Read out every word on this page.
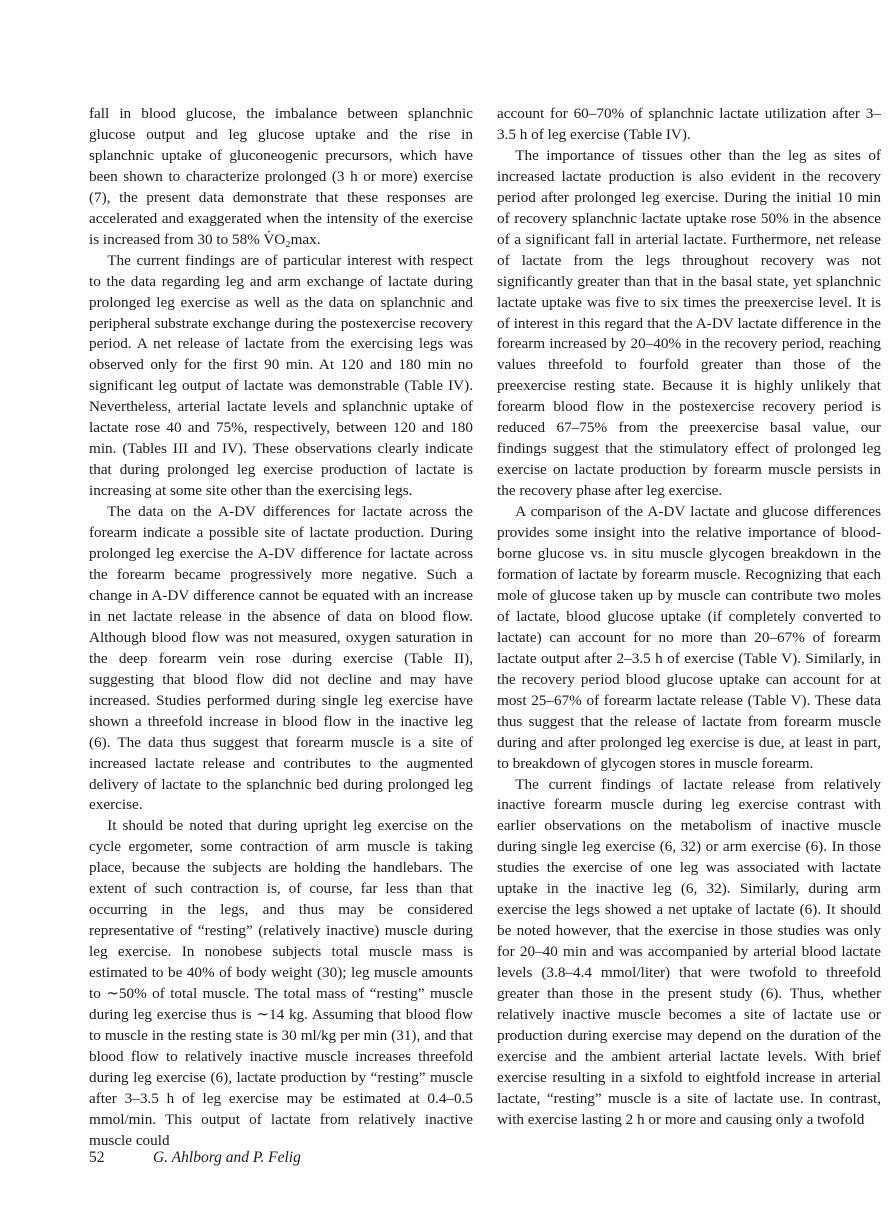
fall in blood glucose, the imbalance between splanchnic glucose output and leg glucose uptake and the rise in splanchnic uptake of gluconeogenic precursors, which have been shown to characterize prolonged (3 h or more) exercise (7), the present data demonstrate that these responses are accelerated and exaggerated when the intensity of the exercise is increased from 30 to 58% V̇O₂max.

The current findings are of particular interest with respect to the data regarding leg and arm exchange of lactate during prolonged leg exercise as well as the data on splanchnic and peripheral substrate exchange during the postexercise recovery period. A net release of lactate from the exercising legs was observed only for the first 90 min. At 120 and 180 min no significant leg output of lactate was demonstrable (Table IV). Nevertheless, arterial lactate levels and splanchnic uptake of lactate rose 40 and 75%, respectively, between 120 and 180 min. (Tables III and IV). These observations clearly indicate that during prolonged leg exercise production of lactate is increasing at some site other than the exercising legs.

The data on the A-DV differences for lactate across the forearm indicate a possible site of lactate production. During prolonged leg exercise the A-DV difference for lactate across the forearm became progressively more negative. Such a change in A-DV difference cannot be equated with an increase in net lactate release in the absence of data on blood flow. Although blood flow was not measured, oxygen saturation in the deep forearm vein rose during exercise (Table II), suggesting that blood flow did not decline and may have increased. Studies performed during single leg exercise have shown a threefold increase in blood flow in the inactive leg (6). The data thus suggest that forearm muscle is a site of increased lactate release and contributes to the augmented delivery of lactate to the splanchnic bed during prolonged leg exercise.

It should be noted that during upright leg exercise on the cycle ergometer, some contraction of arm muscle is taking place, because the subjects are holding the handlebars. The extent of such contraction is, of course, far less than that occurring in the legs, and thus may be considered representative of “resting” (relatively inactive) muscle during leg exercise. In nonobese subjects total muscle mass is estimated to be 40% of body weight (30); leg muscle amounts to ∼50% of total muscle. The total mass of “resting” muscle during leg exercise thus is ∼14 kg. Assuming that blood flow to muscle in the resting state is 30 ml/kg per min (31), and that blood flow to relatively inactive muscle increases threefold during leg exercise (6), lactate production by “resting” muscle after 3–3.5 h of leg exercise may be estimated at 0.4–0.5 mmol/min. This output of lactate from relatively inactive muscle could

account for 60–70% of splanchnic lactate utilization after 3–3.5 h of leg exercise (Table IV).

The importance of tissues other than the leg as sites of increased lactate production is also evident in the recovery period after prolonged leg exercise. During the initial 10 min of recovery splanchnic lactate uptake rose 50% in the absence of a significant fall in arterial lactate. Furthermore, net release of lactate from the legs throughout recovery was not significantly greater than that in the basal state, yet splanchnic lactate uptake was five to six times the preexercise level. It is of interest in this regard that the A-DV lactate difference in the forearm increased by 20–40% in the recovery period, reaching values threefold to fourfold greater than those of the preexercise resting state. Because it is highly unlikely that forearm blood flow in the postexercise recovery period is reduced 67–75% from the preexercise basal value, our findings suggest that the stimulatory effect of prolonged leg exercise on lactate production by forearm muscle persists in the recovery phase after leg exercise.

A comparison of the A-DV lactate and glucose differences provides some insight into the relative importance of blood-borne glucose vs. in situ muscle glycogen breakdown in the formation of lactate by forearm muscle. Recognizing that each mole of glucose taken up by muscle can contribute two moles of lactate, blood glucose uptake (if completely converted to lactate) can account for no more than 20–67% of forearm lactate output after 2–3.5 h of exercise (Table V). Similarly, in the recovery period blood glucose uptake can account for at most 25–67% of forearm lactate release (Table V). These data thus suggest that the release of lactate from forearm muscle during and after prolonged leg exercise is due, at least in part, to breakdown of glycogen stores in muscle forearm.

The current findings of lactate release from relatively inactive forearm muscle during leg exercise contrast with earlier observations on the metabolism of inactive muscle during single leg exercise (6, 32) or arm exercise (6). In those studies the exercise of one leg was associated with lactate uptake in the inactive leg (6, 32). Similarly, during arm exercise the legs showed a net uptake of lactate (6). It should be noted however, that the exercise in those studies was only for 20–40 min and was accompanied by arterial blood lactate levels (3.8–4.4 mmol/liter) that were twofold to threefold greater than those in the present study (6). Thus, whether relatively inactive muscle becomes a site of lactate use or production during exercise may depend on the duration of the exercise and the ambient arterial lactate levels. With brief exercise resulting in a sixfold to eightfold increase in arterial lactate, “resting” muscle is a site of lactate use. In contrast, with exercise lasting 2 h or more and causing only a twofold

52	G. Ahlborg and P. Felig
